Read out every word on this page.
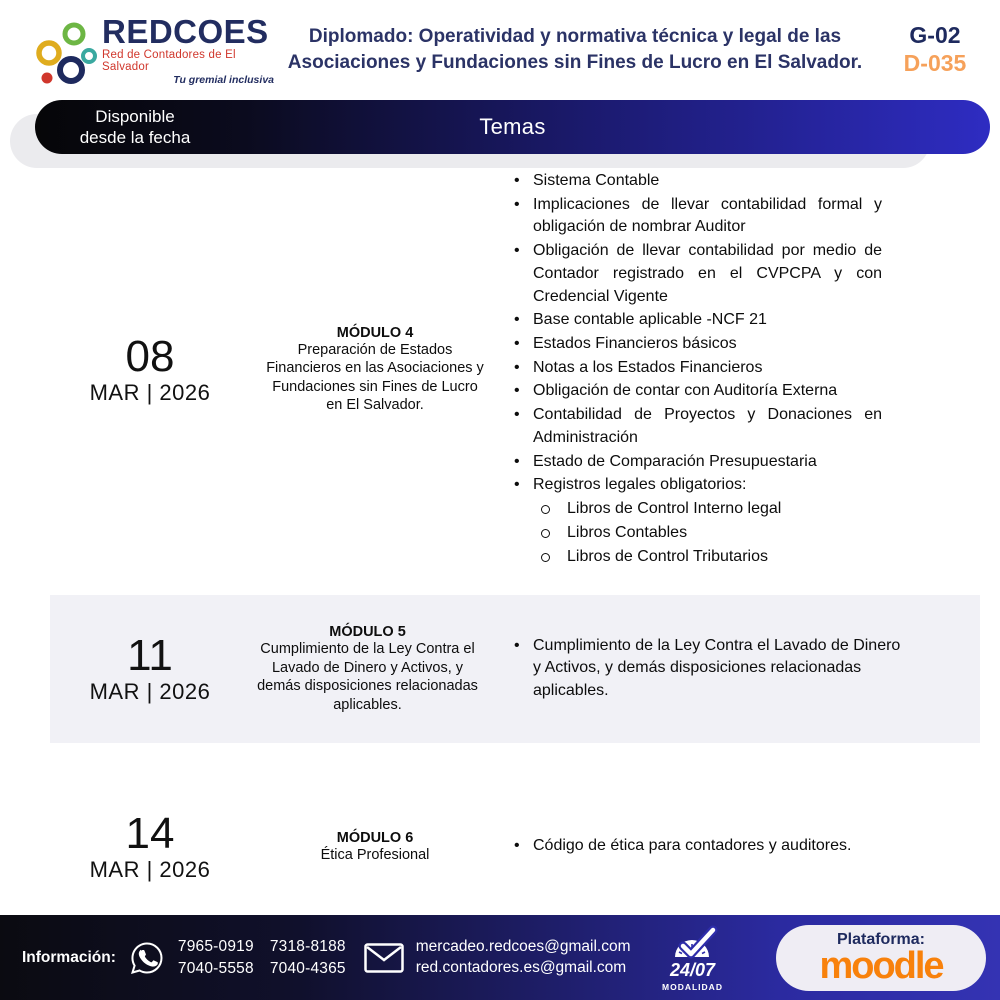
REDCOES
Red de Contadores de El Salvador
Tu gremial inclusiva
Diplomado: Operatividad y normativa técnica y legal de las Asociaciones y Fundaciones sin Fines de Lucro en El Salvador.
G-02
D-035
Disponible
desde la fecha	Temas
08
MAR | 2026
MÓDULO 4
Preparación de Estados Financieros en las Asociaciones y Fundaciones sin Fines de Lucro en El Salvador.
• Sistema Contable
• Implicaciones de llevar contabilidad formal y obligación de nombrar Auditor
• Obligación de llevar contabilidad por medio de Contador registrado en el CVPCPA y con Credencial Vigente
• Base contable aplicable -NCF 21
• Estados Financieros básicos
• Notas a los Estados Financieros
• Obligación de contar con Auditoría Externa
• Contabilidad de Proyectos y Donaciones en Administración
• Estado de Comparación Presupuestaria
• Registros legales obligatorios:
Libros de Control Interno legal
Libros Contables
Libros de Control Tributarios
11
MAR | 2026
MÓDULO 5
Cumplimiento de la Ley Contra el Lavado de Dinero y Activos, y demás disposiciones relacionadas aplicables.
• Cumplimiento de la Ley Contra el Lavado de Dinero y Activos, y demás disposiciones relacionadas aplicables.
14
MAR | 2026
MÓDULO 6
Ética Profesional
• Código de ética para contadores y auditores.
Información:
7965-0919 7318-8188
7040-5558 7040-4365
mercadeo.redcoes@gmail.com
red.contadores.es@gmail.com 24/07
MODALIDAD
Plataforma:
moodle
